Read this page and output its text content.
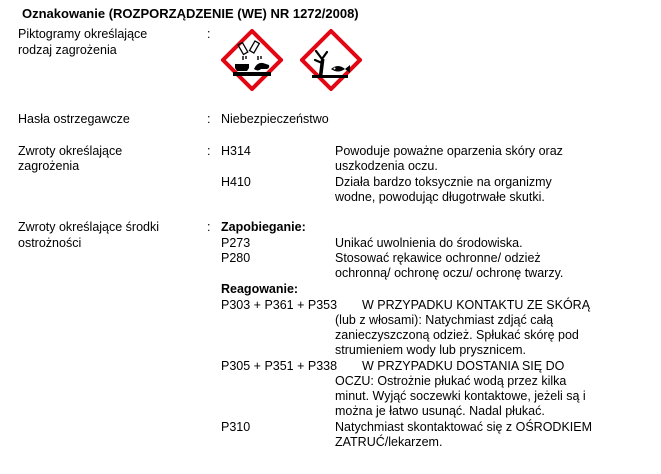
Oznakowanie (ROZPORZĄDZENIE (WE) NR 1272/2008)
Piktogramy określające
rodzaj zagrożenia
:
Hasła ostrzegawcze	: Niebezpieczeństwo
Zwroty określające
zagrożenia
: H314	Powoduje poważne oparzenia skóry oraz
uszkodzenia oczu.
H410	Działa bardzo toksycznie na organizmy
wodne, powodując długotrwałe skutki.
Zwroty określające środki
ostrożności
: Zapobieganie:
P273	Unikać uwolnienia do środowiska.
P280	Stosować rękawice ochronne/ odzież
ochronną/ ochronę oczu/ ochronę twarzy.
Reagowanie:
P303 + P361 + P353 W PRZYPADKU KONTAKTU ZE SKÓRĄ
(lub z włosami): Natychmiast zdjąć całą
zanieczyszczoną odzież. Spłukać skórę pod
strumieniem wody lub prysznicem.
P305 + P351 + P338 W PRZYPADKU DOSTANIA SIĘ DO
OCZU: Ostrożnie płukać wodą przez kilka
minut. Wyjąć soczewki kontaktowe, jeżeli są i
można je łatwo usunąć. Nadal płukać.
P310	Natychmiast skontaktować się z OŚRODKIEM
ZATRUĆ/lekarzem.
